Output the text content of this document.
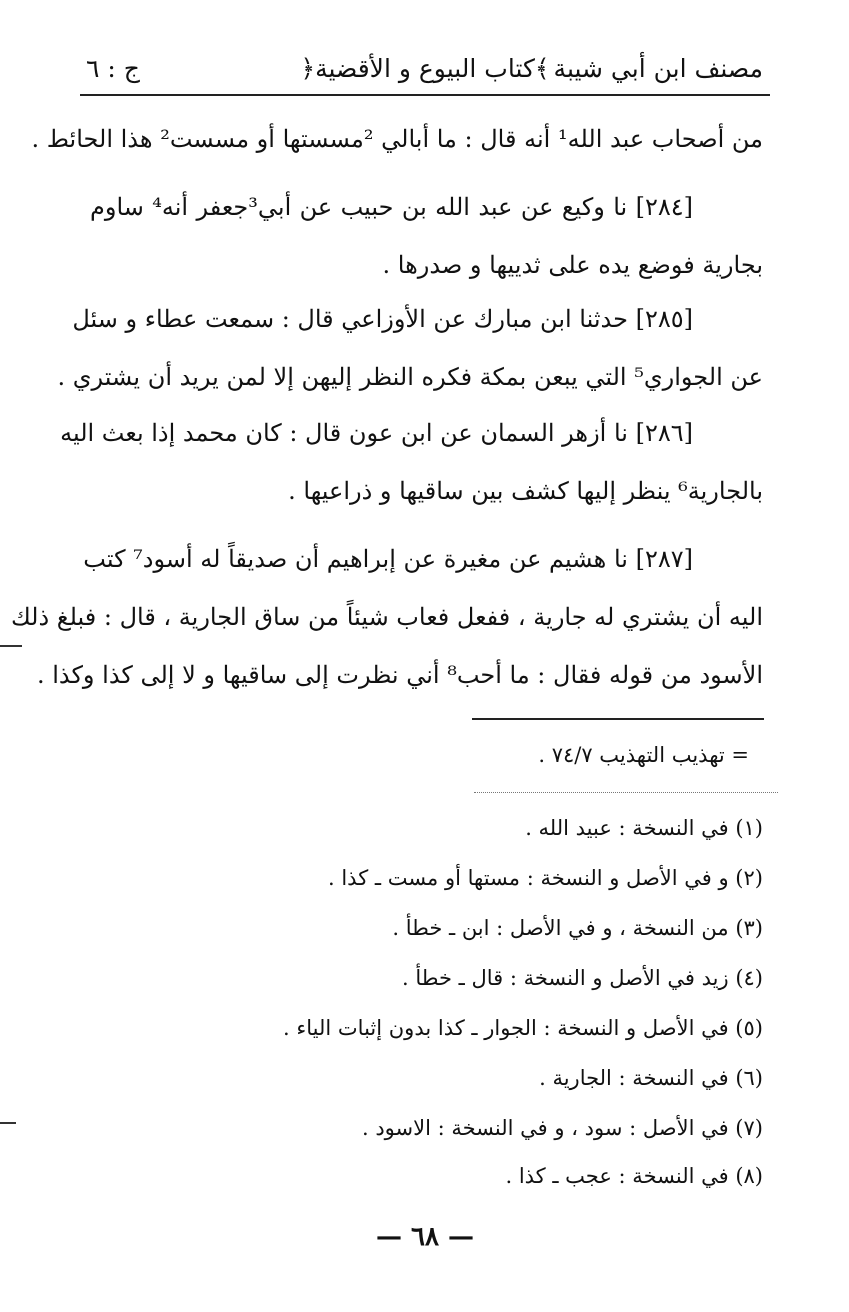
مصنف ابن أبي شيبة
﴿كتاب البيوع و الأقضية﴾
ج : ٦
من أصحاب عبد الله¹ أنه قال : ما أبالي ²مسستها أو مسست² هذا الحائط .
[٢٨٤] نا وكيع عن عبد الله بن حبيب عن أبي³جعفر أنه⁴ ساوم
بجارية فوضع يده على ثدييها و صدرها .
[٢٨٥] حدثنا ابن مبارك عن الأوزاعي قال : سمعت عطاء و سئل
عن الجواري⁵ التي يبعن بمكة فكره النظر إليهن إلا لمن يريد أن يشتري .
[٢٨٦] نا أزهر السمان عن ابن عون قال : كان محمد إذا بعث اليه
بالجارية⁶ ينظر إليها كشف بين ساقيها و ذراعيها .
[٢٨٧] نا هشيم عن مغيرة عن إبراهيم أن صديقاً له أسود⁷ كتب
اليه أن يشتري له جارية ، ففعل فعاب شيئاً من ساق الجارية ، قال : فبلغ ذلك
الأسود من قوله فقال : ما أحب⁸ أني نظرت إلى ساقيها و لا إلى كذا وكذا .
= تهذيب التهذيب ٧٤/٧ .
(١) في النسخة : عبيد الله .
(٢) و في الأصل و النسخة : مستها أو مست ـ كذا .
(٣) من النسخة ، و في الأصل : ابن ـ خطأ .
(٤) زيد في الأصل و النسخة : قال ـ خطأ .
(٥) في الأصل و النسخة : الجوار ـ كذا بدون إثبات الياء .
(٦) في النسخة : الجارية .
(٧) في الأصل : سود ، و في النسخة : الاسود .
(٨) في النسخة : عجب ـ كذا .
— ٦٨ —
